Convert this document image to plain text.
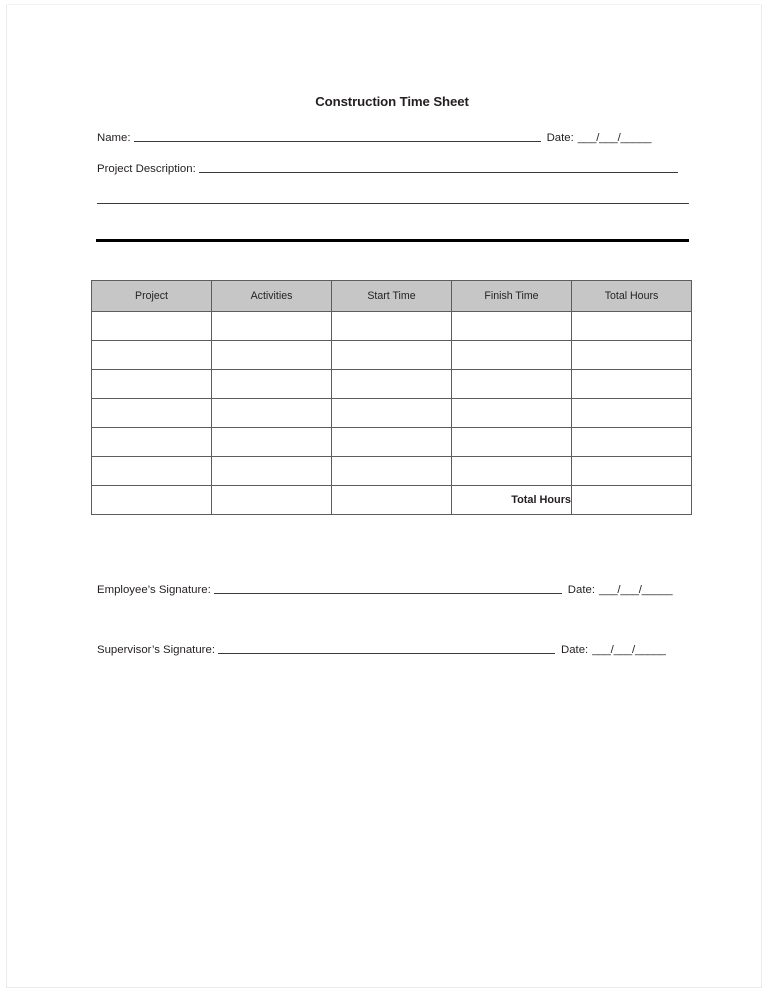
Construction Time Sheet
Name:	Date: ___/___/_____
Project Description:
Project	Activities	Start Time	Finish Time	Total Hours

			Total Hours	
Employee’s Signature:	Date: ___/___/_____
Supervisor’s Signature:	Date: ___/___/_____
